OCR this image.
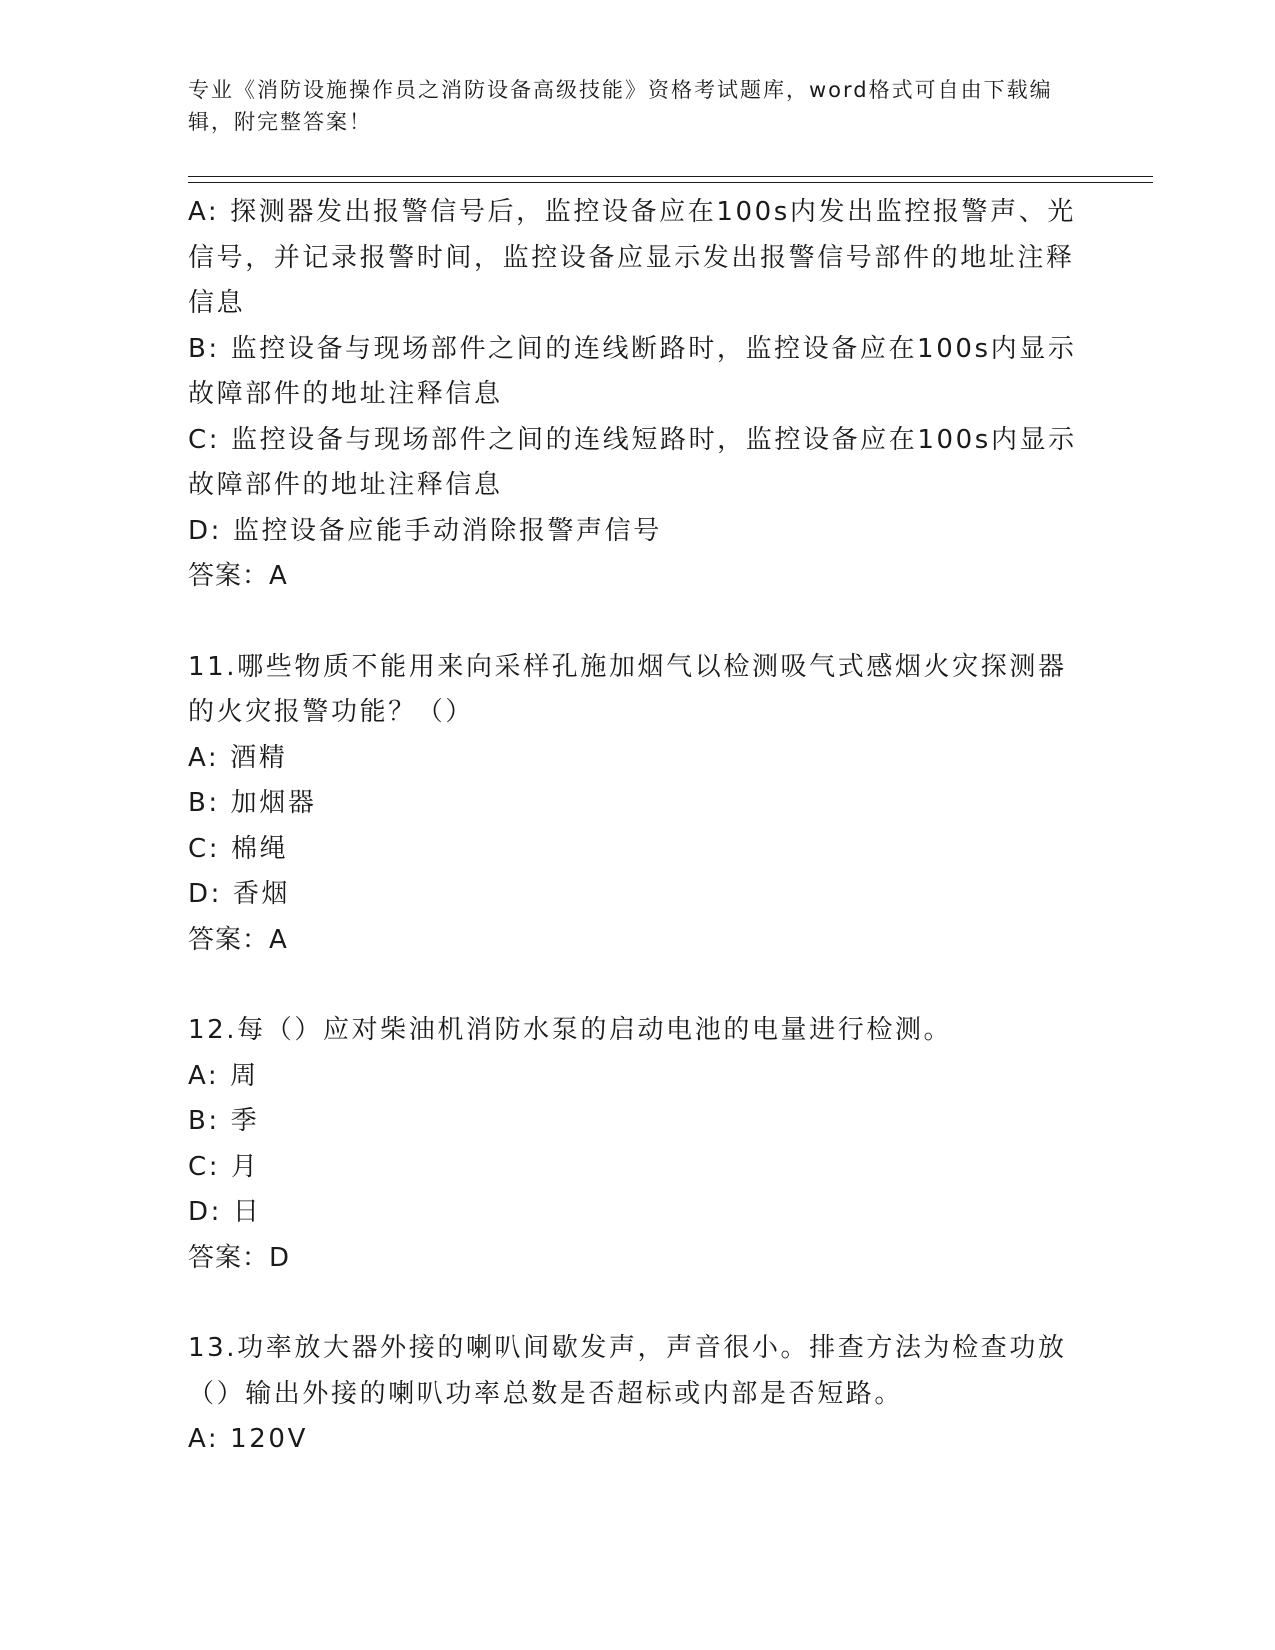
专业《消防设施操作员之消防设备高级技能》资格考试题库，word格式可自由下载编辑，附完整答案！

A: 探测器发出报警信号后，监控设备应在100s内发出监控报警声、光信号，并记录报警时间，监控设备应显示发出报警信号部件的地址注释信息

B: 监控设备与现场部件之间的连线断路时，监控设备应在100s内显示故障部件的地址注释信息

C: 监控设备与现场部件之间的连线短路时，监控设备应在100s内显示故障部件的地址注释信息

D: 监控设备应能手动消除报警声信号

答案：A

11.哪些物质不能用来向采样孔施加烟气以检测吸气式感烟火灾探测器的火灾报警功能？（）

A: 酒精

B: 加烟器

C: 棉绳

D: 香烟

答案：A

12.每（）应对柴油机消防水泵的启动电池的电量进行检测。

A: 周

B: 季

C: 月

D: 日

答案：D

13.功率放大器外接的喇叭间歇发声，声音很小。排查方法为检查功放（）输出外接的喇叭功率总数是否超标或内部是否短路。

A: 120V
